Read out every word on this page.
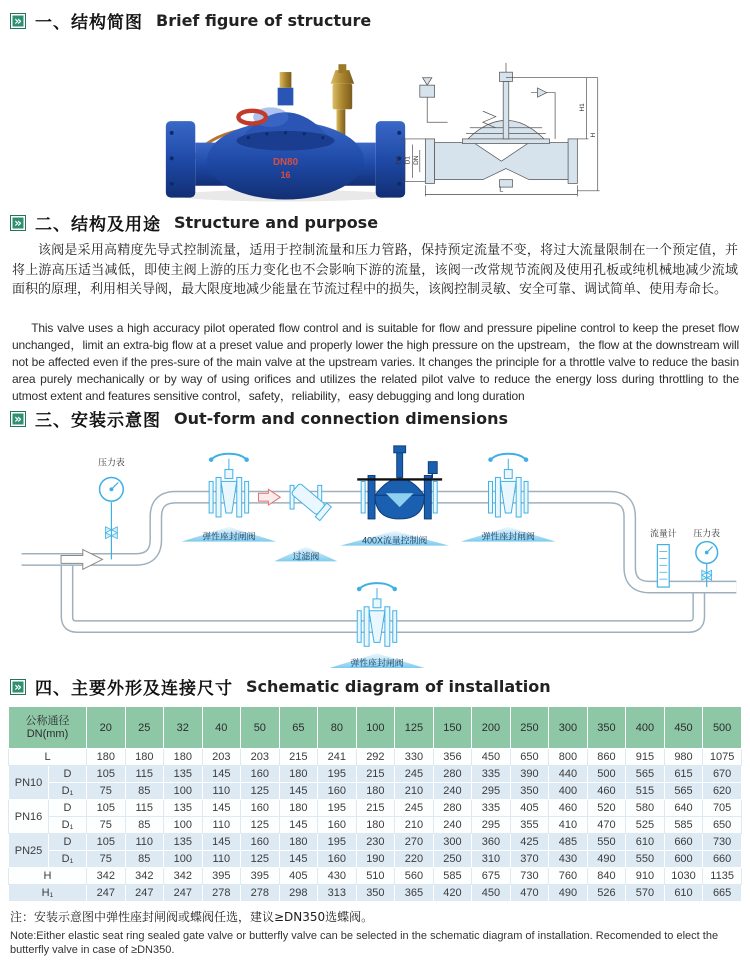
» 一、结构简图 Brief figure of structure
DN80
16
D2 D1 DN
H1
H
L
» 二、结构及用途 Structure and purpose

该阀是采用高精度先导式控制流量，适用于控制流量和压力管路，保持预定流量不变，将过大流量限制在一个预定值，并将上游高压适当减低，即使主阀上游的压力变化也不会影响下游的流量，该阀一改常规节流阀及使用孔板或纯机械地减少流域面积的原理，利用相关导阀，最大限度地减少能量在节流过程中的损失，该阀控制灵敏、安全可靠、调试简单、使用寿命长。

This valve uses a high accuracy pilot operated flow control and is suitable for flow and pressure pipeline control to keep the preset flow unchanged，limit an extra-big flow at a preset value and properly lower the high pressure on the upstream，the flow at the downstream will not be affected even if the pres-sure of the main valve at the upstream varies. It changes the principle for a throttle valve to reduce the basin area purely mechanically or by way of using orifices and utilizes the related pilot valve to reduce the energy loss during throttling to the utmost extent and features sensitive control，safety，reliability，easy debugging and long duration

» 三、安装示意图 Out-form and connection dimensions
压力表
弹性座封闸阀
过滤阀
400X流量控制阀	弹性座封闸阀
弹性座封闸阀
流量计 压力表
» 四、主要外形及连接尺寸 Schematic diagram of installation
公称通径
DN(mm)		20	25	32	40	50	65	80	100	125	150	200	250	300	350	400	450	500
L		180	180	180	203	203	215	241	292	330	356	450	650	800	860	915	980	1075
PN10	D	105	115	135	145	160	180	195	215	245	280	335	390	440	500	565	615	670
	D₁	75	85	100	110	125	145	160	180	210	240	295	350	400	460	515	565	620
PN16	D	105	115	135	145	160	180	195	215	245	280	335	405	460	520	580	640	705
	D₁	75	85	100	110	125	145	160	180	210	240	295	355	410	470	525	585	650
PN25	D	105	110	135	145	160	180	195	230	270	300	360	425	485	550	610	660	730
	D₁	75	85	100	110	125	145	160	190	220	250	310	370	430	490	550	600	660
H		342	342	342	395	395	405	430	510	560	585	675	730	760	840	910	1030	1135
H₁		247	247	247	278	278	298	313	350	365	420	450	470	490	526	570	610	665
注：安装示意图中弹性座封闸阀或蝶阀任选，建议≥DN350选蝶阀。
Note:Either elastic seat ring sealed gate valve or butterfly valve can be selected in the schematic diagram of installation. Recomended to elect the butterfly valve in case of ≥DN350.
